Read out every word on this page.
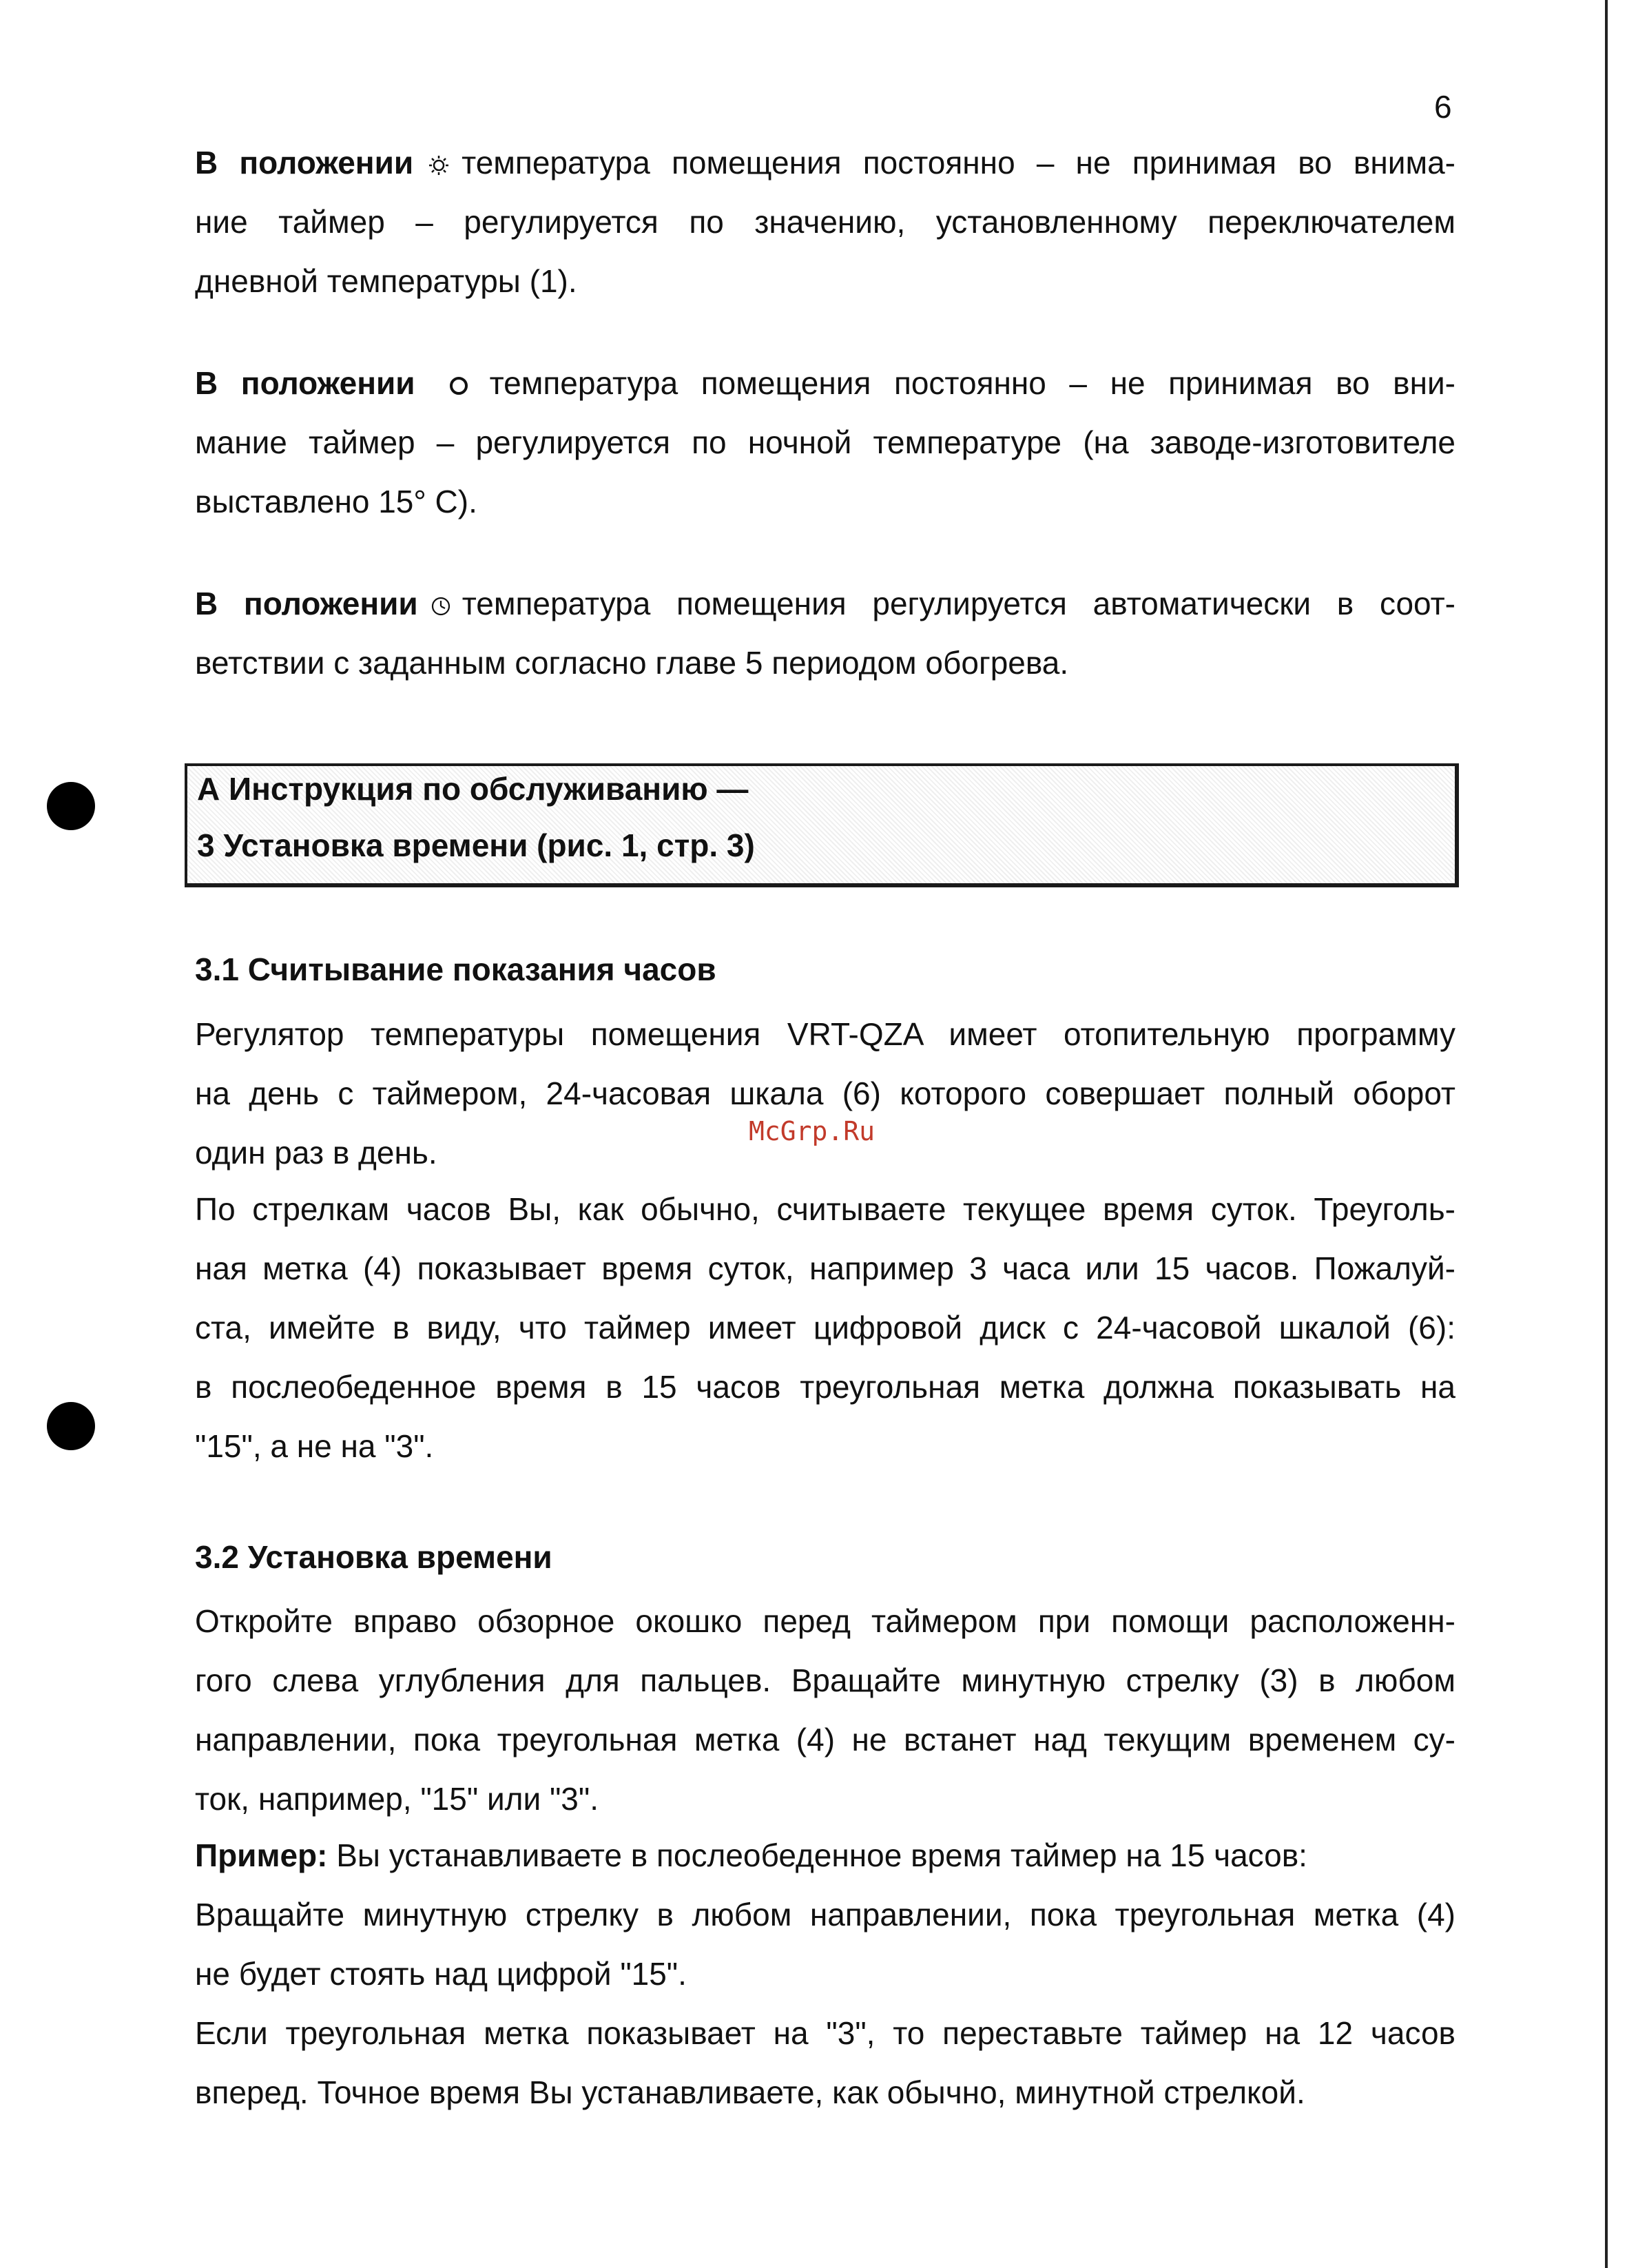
6

В положении температура помещения постоянно – не принимая во внима-

ние таймер – регулируется по значению, установленному переключателем

дневной температуры (1).

В положении температура помещения постоянно – не принимая во вни-

мание таймер – регулируется по ночной температуре (на заводе-изготовителе

выставлено 15° С).

В положении температура помещения регулируется автоматически в соот-

ветствии с заданным согласно главе 5 периодом обогрева.

А Инструкция по обслуживанию —

3 Установка времени (рис. 1, стр. 3)

3.1 Считывание показания часов

Регулятор температуры помещения VRT-QZA имеет отопительную программу

на день с таймером, 24-часовая шкала (6) которого совершает полный оборот

один раз в день.

McGrp.Ru

По стрелкам часов Вы, как обычно, считываете текущее время суток. Треуголь-

ная метка (4) показывает время суток, например 3 часа или 15 часов. Пожалуй-

ста, имейте в виду, что таймер имеет цифровой диск с 24-часовой шкалой (6):

в послеобеденное время в 15 часов треугольная метка должна показывать на

"15", а не на "3".

3.2 Установка времени

Откройте вправо обзорное окошко перед таймером при помощи расположенн-

гого слева углубления для пальцев. Вращайте минутную стрелку (3) в любом

направлении, пока треугольная метка (4) не встанет над текущим временем су-

ток, например, "15" или "3".

Пример: Вы устанавливаете в послеобеденное время таймер на 15 часов:

Вращайте минутную стрелку в любом направлении, пока треугольная метка (4)

не будет стоять над цифрой "15".

Если треугольная метка показывает на "3", то переставьте таймер на 12 часов

вперед. Точное время Вы устанавливаете, как обычно, минутной стрелкой.
